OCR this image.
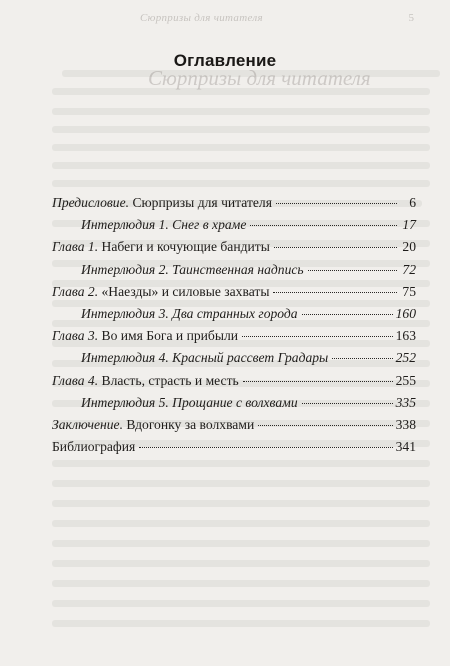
Сюрпризы для читателя	5
Сюрпризы для читателя
Оглавление
Предисловие. Сюрпризы для читателя	6
Интерлюдия 1. Снег в храме	17
Глава 1. Набеги и кочующие бандиты	20
Интерлюдия 2. Таинственная надпись	72
Глава 2. «Наезды» и силовые захваты	75
Интерлюдия 3. Два странных города	160
Глава 3. Во имя Бога и прибыли	163
Интерлюдия 4. Красный рассвет Градары	252
Глава 4. Власть, страсть и месть	255
Интерлюдия 5. Прощание с волхвами	335
Заключение. Вдогонку за волхвами	338
Библиография	341
